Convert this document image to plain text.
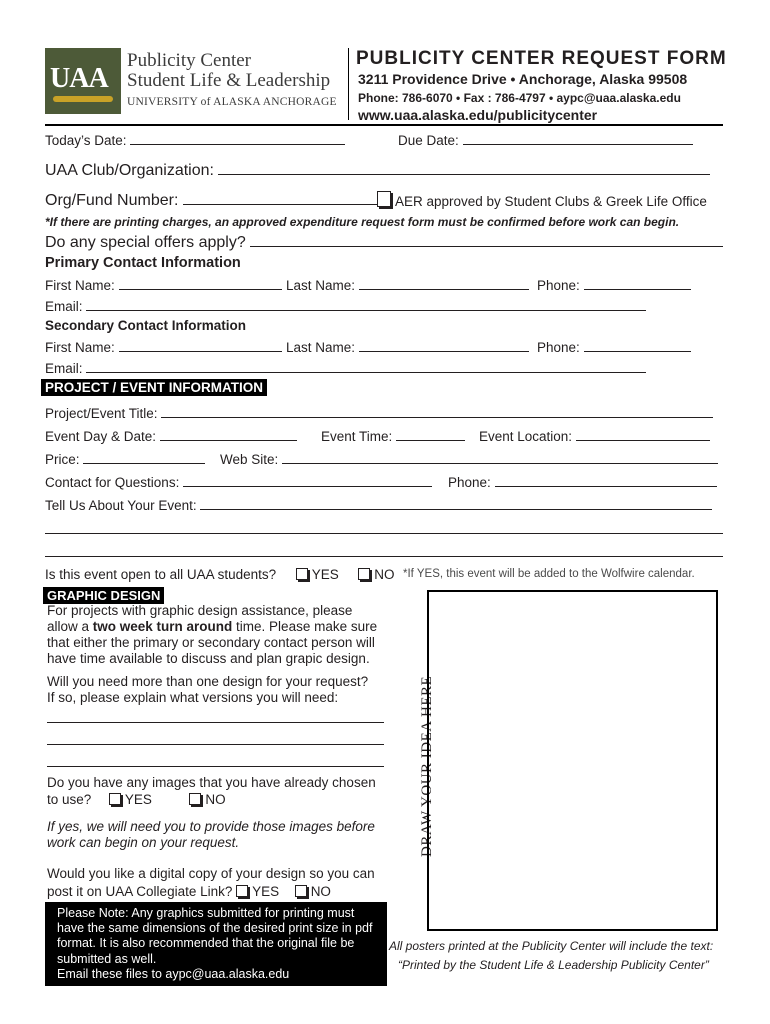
UAA
Publicity Center
Student Life & Leadership
UNIVERSITY of ALASKA ANCHORAGE
PUBLICITY CENTER REQUEST FORM
3211 Providence Drive • Anchorage, Alaska 99508
Phone: 786-6070 • Fax : 786-4797 • aypc@uaa.alaska.edu
www.uaa.alaska.edu/publicitycenter
Today’s Date:	Due Date:
UAA Club/Organization:
Org/Fund Number:	AER approved by Student Clubs & Greek Life Office
*If there are printing charges, an approved expenditure request form must be confirmed before work can begin.
Do any special offers apply?
Primary Contact Information
First Name:	Last Name:	Phone:
Email:
Secondary Contact Information
First Name:	Last Name:	Phone:
Email:
PROJECT / EVENT INFORMATION
Project/Event Title:
Event Day & Date:	Event Time:	Event Location:
Price:	Web Site:
Contact for Questions:	Phone:
Tell Us About Your Event:
Is this event open to all UAA students?	YES	NO *If YES, this event will be added to the Wolfwire calendar.
GRAPHIC DESIGN
For projects with graphic design assistance, please
allow a two week turn around time. Please make sure
that either the primary or secondary contact person will
have time available to discuss and plan grapic design.
Will you need more than one design for your request?
If so, please explain what versions you will need:
Do you have any images that you have already chosen
to use? YES	NO
If yes, we will need you to provide those images before
work can begin on your request.
Would you like a digital copy of your design so you can
post it on UAA Collegiate Link? YES NO
Please Note: Any graphics submitted for printing must
have the same dimensions of the desired print size in pdf
format. It is also recommended that the original file be
submitted as well.
Email these files to aypc@uaa.alaska.edu
DRAW YOUR IDEA HERE
All posters printed at the Publicity Center will include the text:
“Printed by the Student Life & Leadership Publicity Center”
